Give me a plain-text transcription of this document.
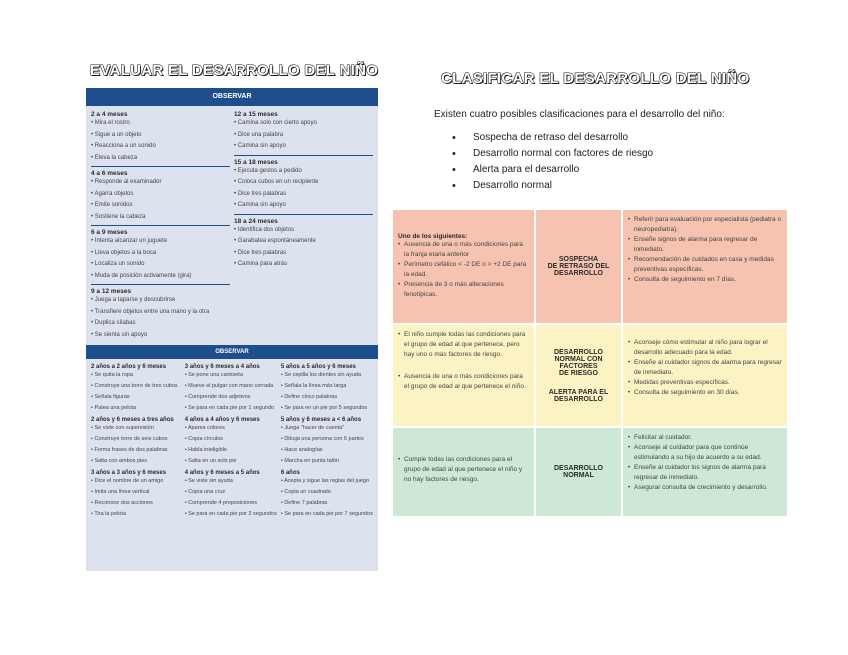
EVALUAR EL DESARROLLO DEL NIÑO
OBSERVAR
2 a 4 meses
• Mira el rostro
• Sigue a un objeto
• Reacciona a un sonido
• Eleva la cabeza
4 a 6 meses
• Responde al examinador
• Agarra objetos
• Emite sonidos
• Sostiene la cabeza
6 a 9 meses
• Intenta alcanzar un juguete
• Lleva objetos a la boca
• Localiza un sonido
• Muda de posición activamente (gira)
9 a 12 meses
• Juega a taparse y descubrirse
• Transfiere objetos entre una mano y la otra
• Duplica sílabas
• Se sienta sin apoyo
12 a 15 meses
• Camina solo con cierto apoyo
• Dice una palabra
• Camina sin apoyo
15 a 18 meses
• Ejecuta gestos a pedido
• Coloca cubos en un recipiente
• Dice tres palabras
• Camina sin apoyo
18 a 24 meses
• Identifica dos objetos
• Garabatea espontáneamente
• Dice tres palabras
• Camina para atrás
OBSERVAR
2 años a 2 años y 6 meses
• Se quita la ropa
• Construye una torre de tres cubos
• Señala figuras
• Patea una pelota
2 años y 6 meses a tres años
• Se viste con supervisión
• Construye torre de seis cubos
• Forma frases de dos palabras
• Salta con ambos pies
3 años a 3 años y 6 meses
• Dice el nombre de un amigo
• Imita una línea vertical
• Reconoce dos acciones
• Tira la pelota
3 años y 6 meses a 4 años
• Se pone una camiseta
• Mueve el pulgar con mano cerrada
• Comprende dos adjetivos
• Se para en cada pie por 1 segundo
4 años a 4 años y 6 meses
• Aparea colores
• Copia círculos
• Habla inteligible
• Salta en un solo pie
4 años y 6 meses a 5 años
• Se viste sin ayuda
• Copia una cruz
• Comprende 4 preposiciones
• Se para en cada pie por 3 segundos
5 años a 5 años y 6 meses
• Se cepilla los dientes sin ayuda
• Señala la línea más larga
• Define cinco palabras
• Se para en un pie por 5 segundos
5 años y 6 meses a < 6 años
• Juega "hacer de cuenta"
• Dibuja una persona con 6 partes
• Hace analogías
• Marcha en punta talón
6 años
• Acepta y sigue las reglas del juego
• Copia un cuadrado
• Define 7 palabras
• Se para en cada pie por 7 segundos
CLASIFICAR EL DESARROLLO DEL NIÑO
Existen cuatro posibles clasificaciones para el desarrollo del niño:
• Sospecha de retraso del desarrollo
• Desarrollo normal con factores de riesgo
• Alerta para el desarrollo
• Desarrollo normal
Uno de los siguientes:
• Ausencia de una o más condiciones para la franja etaria anterior
• Perímetro cefálico < -2 DE o > +2 DE para la edad.
• Presencia de 3 o más alteraciones fenotípicas.
SOSPECHA
DE RETRASO DEL
DESARROLLO
• Referir para evaluación por especialista (pediatra o neuropediatra).
• Enseñe signos de alarma para regresar de inmediato.
• Recomendación de cuidados en casa y medidas preventivas específicas.
• Consulta de seguimiento en 7 días.
• El niño cumple todas las condiciones para el grupo de edad al que pertenece, pero hay uno o más factores de riesgo.
• Ausencia de una o más condiciones para el grupo de edad al que pertenece el niño.
DESARROLLO
NORMAL CON
FACTORES
DE RIESGO
ALERTA PARA EL
DESARROLLO
• Aconseje cómo estimular al niño para lograr el desarrollo adecuado para la edad.
• Enseñe al cuidador signos de alarma para regresar de inmediato.
• Medidas preventivas específicas.
• Consulta de seguimiento en 30 días.
• Cumple todas las condiciones para el grupo de edad al que pertenece el niño y no hay factores de riesgo.
DESARROLLO
NORMAL
• Felicitar al cuidador.
• Aconseje al cuidador para que continúe estimulando a su hijo de acuerdo a su edad.
• Enseñe al cuidador los signos de alarma para regresar de inmediato.
• Asegurar consulta de crecimiento y desarrollo.
